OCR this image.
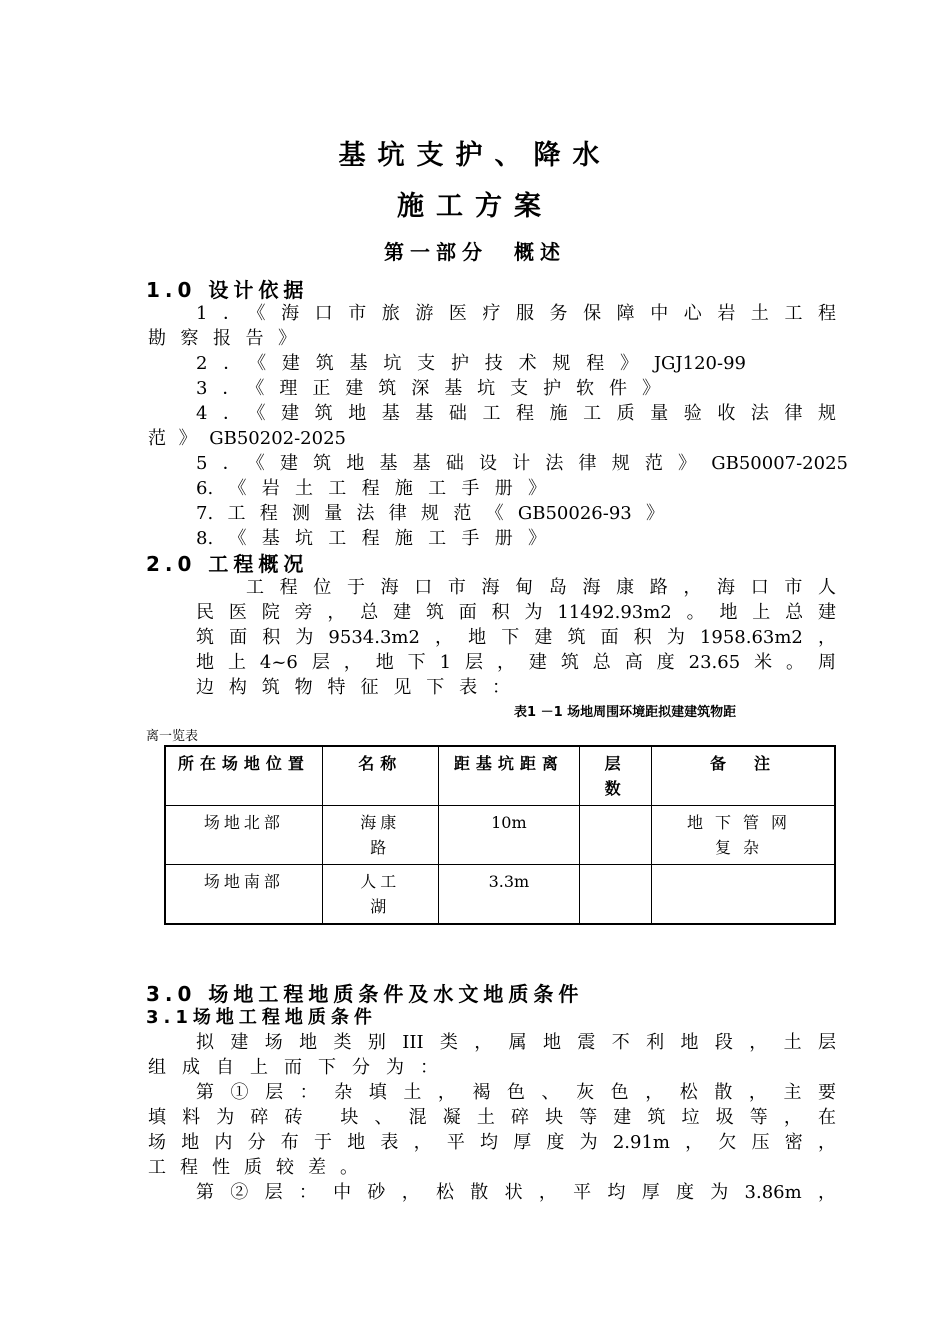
基坑支护、降水
施工方案
第一部分　概述
1.0 设计依据
1．《海口市旅游医疗服务保障中心岩土工程
勘察报告》
2．《建筑基坑支护技术规程》JGJ120-99
3．《理正建筑深基坑支护软件》
4．《建筑地基基础工程施工质量验收法律规
范》GB50202-2025
5．《建筑地基基础设计法律规范》GB50007-2025
6.《岩土工程施工手册》
7.工程测量法律规范《GB50026-93》
8.《基坑工程施工手册》
2.0 工程概况
工程位于海口市海甸岛海康路，海口市人
民医院旁，总建筑面积为11492.93m2。地上总建
筑面积为9534.3m2，地下建筑面积为1958.63m2，
地上4~6层，地下1层，建筑总高度23.65米。周
边构筑物特征见下表：
表1 －1 场地周围环境距拟建建筑物距
离一览表
所在场地位置	名称	距基坑距离	层数	备　注
场地北部	海康路	10m		地下管网复杂
场地南部	人工湖	3.3m		
3.0 场地工程地质条件及水文地质条件
3.1场地工程地质条件
拟建场地类别III类，属地震不利地段，土层
组成自上而下分为：
第①层：杂填土，褐色、灰色，松散，主要
填料为碎砖 块、混凝土碎块等建筑垃圾等，在
场地内分布于地表，平均厚度为2.91m，欠压密，
工程性质较差。
第②层：中砂，松散状，平均厚度为3.86m，
